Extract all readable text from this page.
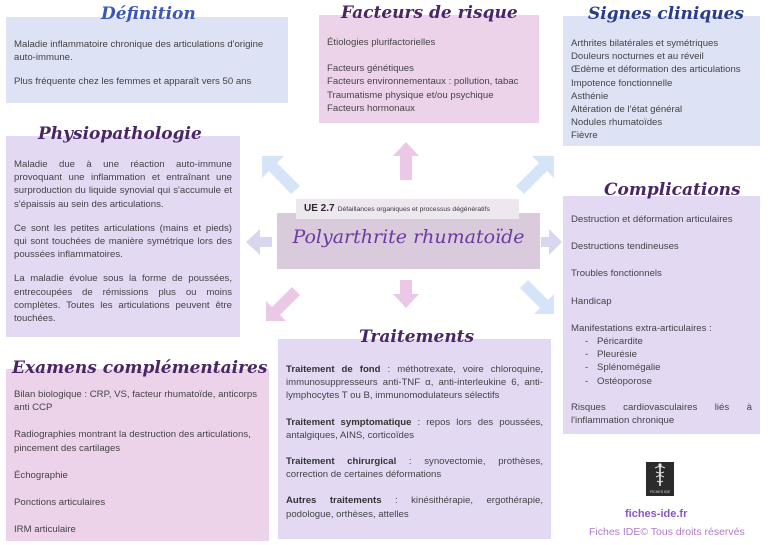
Définition

Maladie inflammatoire chronique des articulations d'origine auto-immune.

Plus fréquente chez les femmes et apparaît vers 50 ans

Facteurs de risque
Étiologies plurifactorielles
Facteurs génétiques
Facteurs environnementaux : pollution, tabac
Traumatisme physique et/ou psychique
Facteurs hormonaux
Signes cliniques
Arthrites bilatérales et symétriques
Douleurs nocturnes et au réveil
Œdème et déformation des articulations
Impotence fonctionnelle
Asthénie
Altération de l'état général
Nodules rhumatoïdes
Fièvre
Physiopathologie

Maladie due à une réaction auto-immune provoquant une inflammation et entraînant une surproduction du liquide synovial qui s'accumule et s'épaissis au sein des articulations.

Ce sont les petites articulations (mains et pieds) qui sont touchées de manière symétrique lors des poussées inflammatoires.

La maladie évolue sous la forme de poussées, entrecoupées de rémissions plus ou moins complètes. Toutes les articulations peuvent être touchées.

UE 2.7 Défaillances organiques et processus dégénératifs
Polyarthrite rhumatoïde
Complications

Destruction et déformation articulaires

Destructions tendineuses

Troubles fonctionnels

Handicap

Manifestations extra-articulaires :
- Péricardite
- Pleurésie
- Splénomégalie
- Ostéoporose
Risques cardiovasculaires liés à l'inflammation chronique
Examens complémentaires

Bilan biologique : CRP, VS, facteur rhumatoïde, anticorps anti CCP

Radiographies montrant la destruction des articulations, pincement des cartilages

Échographie

Ponctions articulaires

IRM articulaire

Traitements

Traitement de fond : méthotrexate, voire chloroquine, immunosuppresseurs anti-TNF α, anti-interleukine 6, anti-lymphocytes T ou B, immunomodulateurs sélectifs

Traitement symptomatique : repos lors des poussées, antalgiques, AINS, corticoïdes

Traitement chirurgical : synovectomie, prothèses, correction de certaines déformations

Autres traitements : kinésithérapie, ergothérapie, podologue, orthèses, attelles

FICHES IDE
fiches-ide.fr
Fiches IDE© Tous droits réservés
